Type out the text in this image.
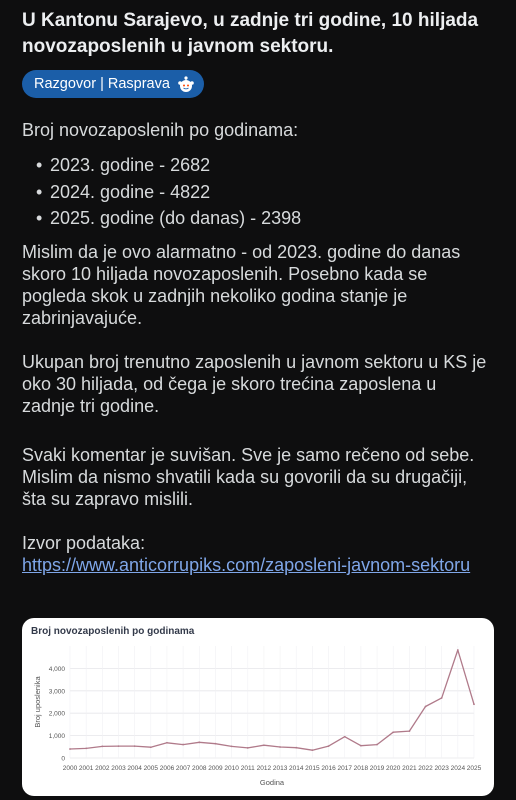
U Kantonu Sarajevo, u zadnje tri godine, 10 hiljada novozaposlenih u javnom sektoru.
Razgovor | Rasprava

Broj novozaposlenih po godinama:

• 2023. godine - 2682
• 2024. godine - 4822
• 2025. godine (do danas) - 2398

Mislim da je ovo alarmatno - od 2023. godine do danas skoro 10 hiljada novozaposlenih. Posebno kada se pogleda skok u zadnjih nekoliko godina stanje je zabrinjavajuće.

Ukupan broj trenutno zaposlenih u javnom sektoru u KS je oko 30 hiljada, od čega je skoro trećina zaposlena u zadnje tri godine.

Svaki komentar je suvišan. Sve je samo rečeno od sebe. Mislim da nismo shvatili kada su govorili da su drugačiji, šta su zapravo mislili.

Izvor podataka:

https://www.anticorrupiks.com/zaposleni-javnom-sektoru
Broj novozaposlenih po godinama
0
1,000
2,000
3,000
4,000
2000 2001 2002 2003 2004 2005 2006 2007 2008 2009 2010 2011 2012 2013 2014 2015 2016 2017 2018 2019 2020 2021 2022 2023 2024 2025
Godina
Broj uposlenika
